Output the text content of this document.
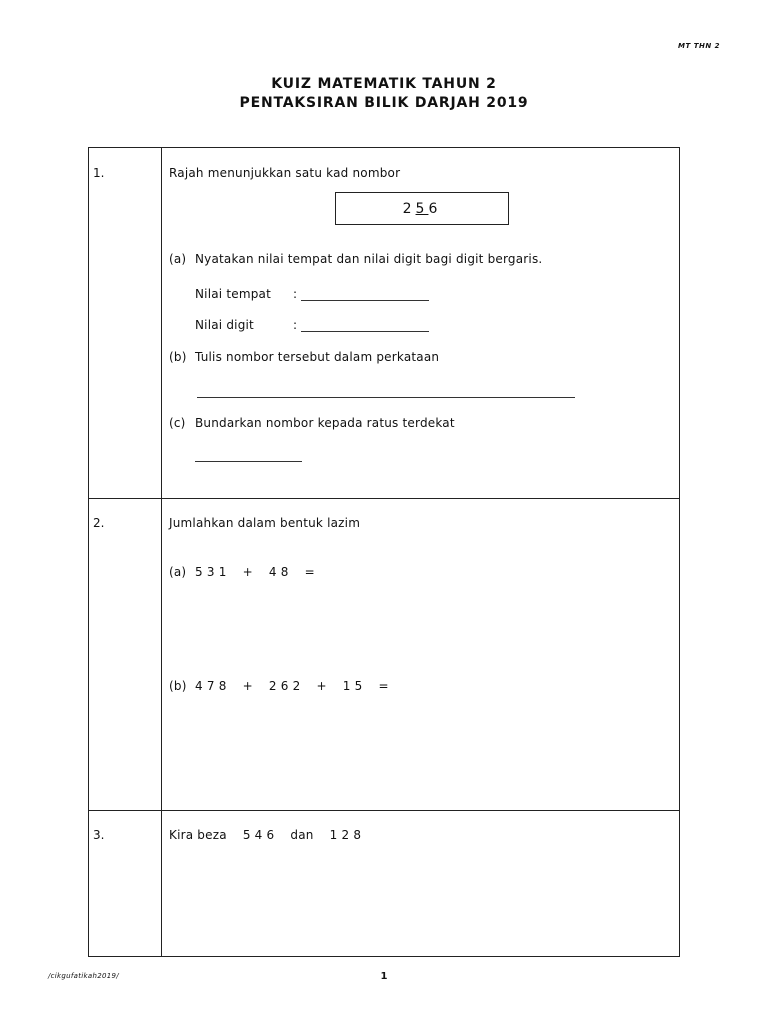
MT THN 2
KUIZ MATEMATIK TAHUN 2
PENTAKSIRAN BILIK DARJAH 2019
1.	Rajah menunjukkan satu kad nombor
2 5 6
(a) Nyatakan nilai tempat dan nilai digit bagi digit bergaris.
Nilai tempat :
Nilai digit	:
(b) Tulis nombor tersebut dalam perkataan
(c) Bundarkan nombor kepada ratus terdekat
2.	Jumlahkan dalam bentuk lazim
(a) 5 3 1    +    4 8    =
(b) 4 7 8    +    2 6 2    +    1 5    =
3.	Kira beza    5 4 6    dan    1 2 8
/cikgufatikah2019/	1
